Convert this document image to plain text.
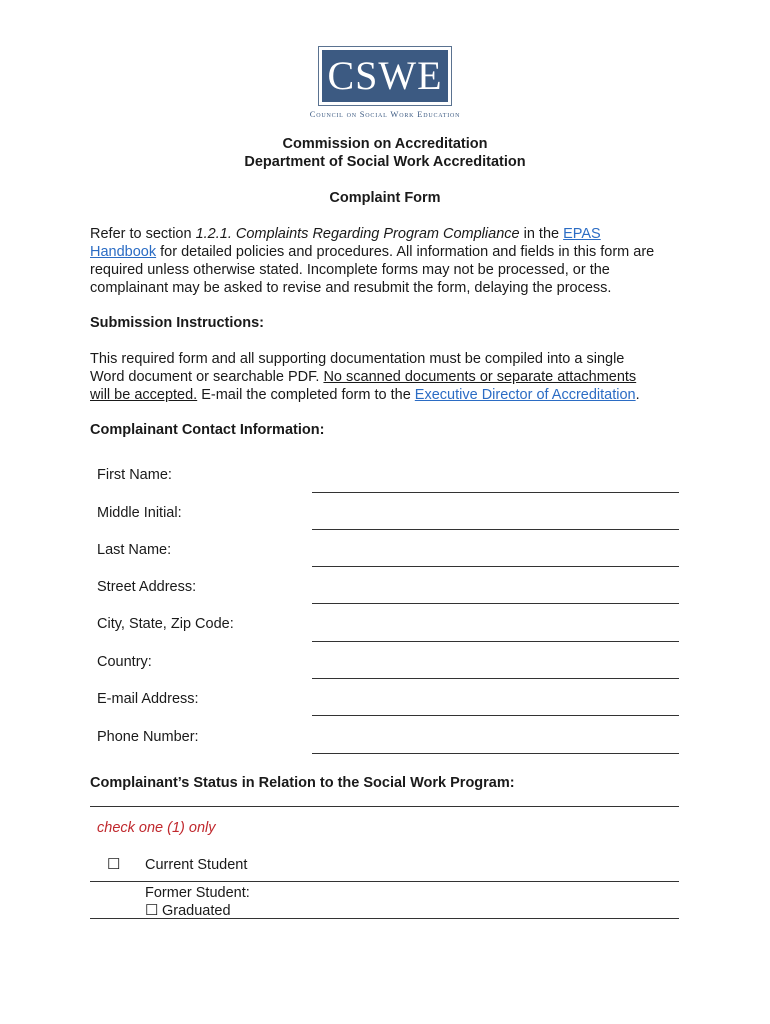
CSWE
Council on Social Work Education
Commission on Accreditation
Department of Social Work Accreditation
Complaint Form
Refer to section 1.2.1. Complaints Regarding Program Compliance in the EPAS
Handbook for detailed policies and procedures. All information and fields in this form are
required unless otherwise stated. Incomplete forms may not be processed, or the
complainant may be asked to revise and resubmit the form, delaying the process.
Submission Instructions:
This required form and all supporting documentation must be compiled into a single
Word document or searchable PDF. No scanned documents or separate attachments
will be accepted. E-mail the completed form to the Executive Director of Accreditation.
Complainant Contact Information:
First Name:
Middle Initial:
Last Name:
Street Address:
City, State, Zip Code:
Country:
E-mail Address:
Phone Number:
Complainant’s Status in Relation to the Social Work Program:
check one (1) only
☐ Current Student
Former Student:
☐ Graduated
